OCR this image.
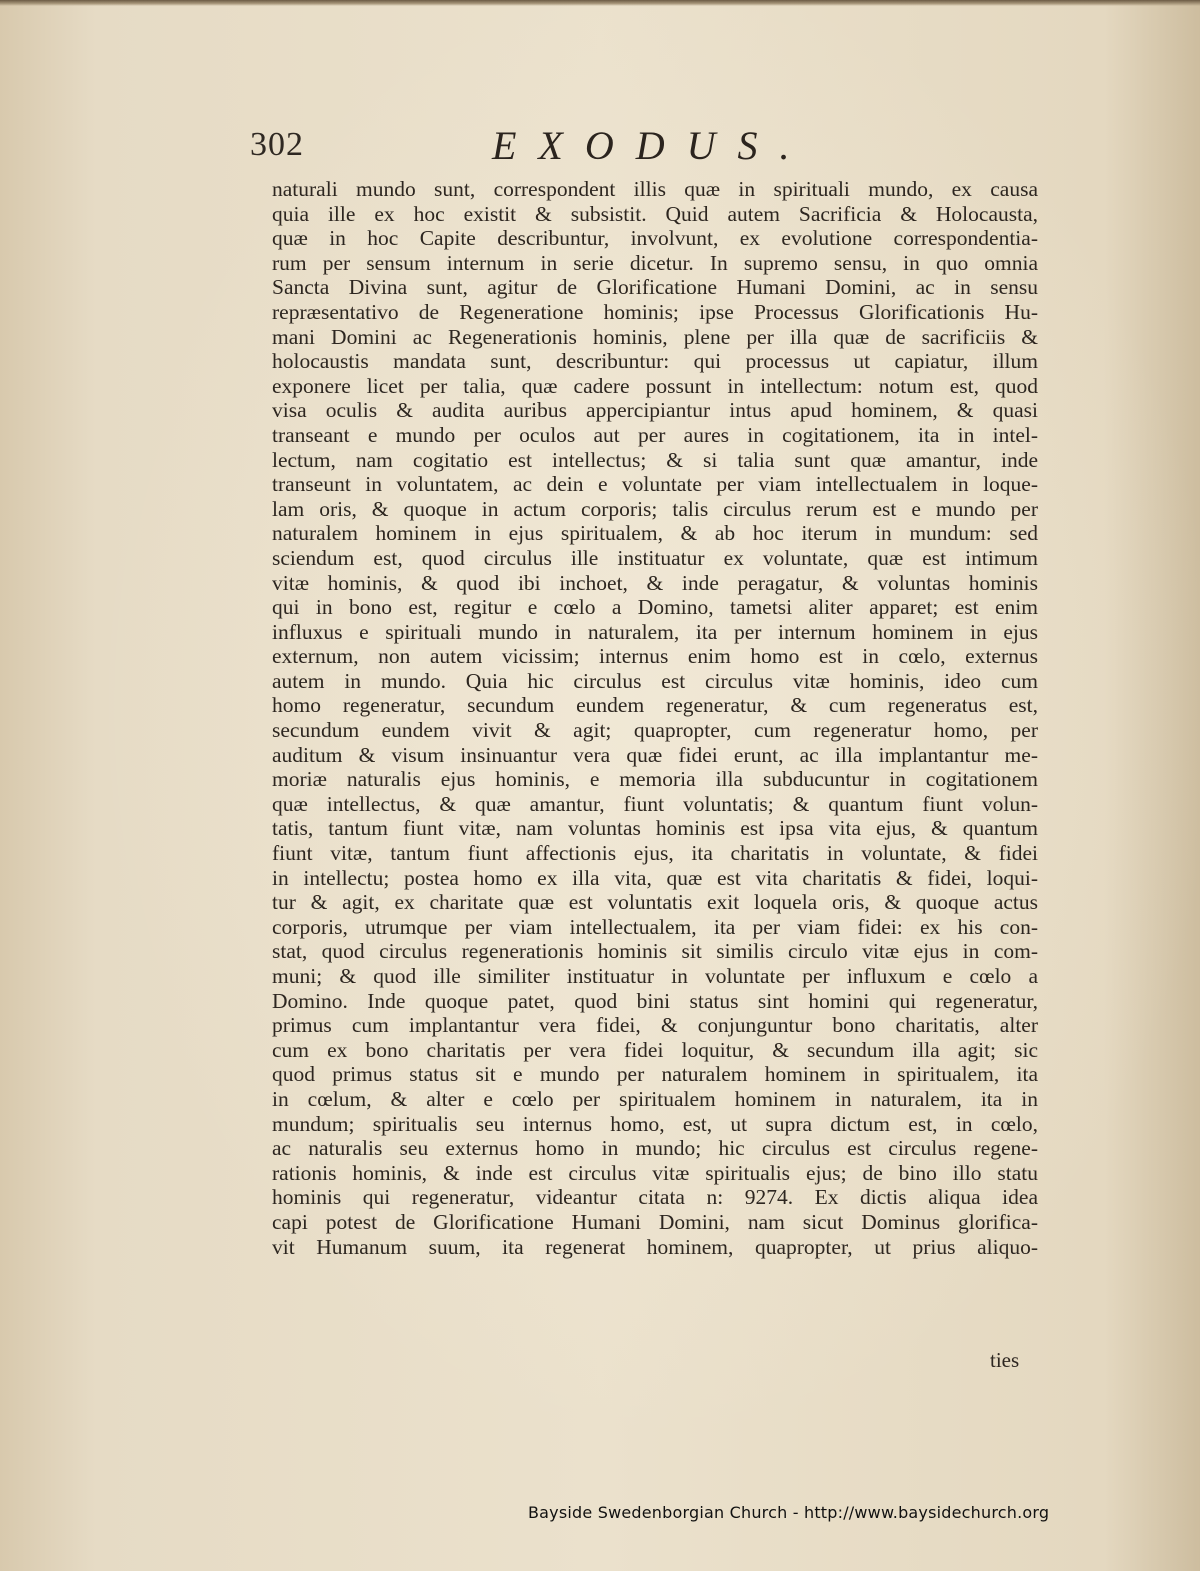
302	EXODUS.
naturali mundo sunt, correspondent illis quæ in spirituali mundo, ex causa
quia ille ex hoc existit & subsistit. Quid autem Sacrificia & Holocausta,
quæ in hoc Capite describuntur, involvunt, ex evolutione correspondentia-
rum per sensum internum in serie dicetur. In supremo sensu, in quo omnia
Sancta Divina sunt, agitur de Glorificatione Humani Domini, ac in sensu
repræsentativo de Regeneratione hominis; ipse Processus Glorificationis Hu-
mani Domini ac Regenerationis hominis, plene per illa quæ de sacrificiis &
holocaustis mandata sunt, describuntur: qui processus ut capiatur, illum
exponere licet per talia, quæ cadere possunt in intellectum: notum est, quod
visa oculis & audita auribus appercipiantur intus apud hominem, & quasi
transeant e mundo per oculos aut per aures in cogitationem, ita in intel-
lectum, nam cogitatio est intellectus; & si talia sunt quæ amantur, inde
transeunt in voluntatem, ac dein e voluntate per viam intellectualem in loque-
lam oris, & quoque in actum corporis; talis circulus rerum est e mundo per
naturalem hominem in ejus spiritualem, & ab hoc iterum in mundum: sed
sciendum est, quod circulus ille instituatur ex voluntate, quæ est intimum
vitæ hominis, & quod ibi inchoet, & inde peragatur, & voluntas hominis
qui in bono est, regitur e cœlo a Domino, tametsi aliter apparet; est enim
influxus e spirituali mundo in naturalem, ita per internum hominem in ejus
externum, non autem vicissim; internus enim homo est in cœlo, externus
autem in mundo. Quia hic circulus est circulus vitæ hominis, ideo cum
homo regeneratur, secundum eundem regeneratur, & cum regeneratus est,
secundum eundem vivit & agit; quapropter, cum regeneratur homo, per
auditum & visum insinuantur vera quæ fidei erunt, ac illa implantantur me-
moriæ naturalis ejus hominis, e memoria illa subducuntur in cogitationem
quæ intellectus, & quæ amantur, fiunt voluntatis; & quantum fiunt volun-
tatis, tantum fiunt vitæ, nam voluntas hominis est ipsa vita ejus, & quantum
fiunt vitæ, tantum fiunt affectionis ejus, ita charitatis in voluntate, & fidei
in intellectu; postea homo ex illa vita, quæ est vita charitatis & fidei, loqui-
tur & agit, ex charitate quæ est voluntatis exit loquela oris, & quoque actus
corporis, utrumque per viam intellectualem, ita per viam fidei: ex his con-
stat, quod circulus regenerationis hominis sit similis circulo vitæ ejus in com-
muni; & quod ille similiter instituatur in voluntate per influxum e cœlo a
Domino. Inde quoque patet, quod bini status sint homini qui regeneratur,
primus cum implantantur vera fidei, & conjunguntur bono charitatis, alter
cum ex bono charitatis per vera fidei loquitur, & secundum illa agit; sic
quod primus status sit e mundo per naturalem hominem in spiritualem, ita
in cœlum, & alter e cœlo per spiritualem hominem in naturalem, ita in
mundum; spiritualis seu internus homo, est, ut supra dictum est, in cœlo,
ac naturalis seu externus homo in mundo; hic circulus est circulus regene-
rationis hominis, & inde est circulus vitæ spiritualis ejus; de bino illo statu
hominis qui regeneratur, videantur citata n: 9274. Ex dictis aliqua idea
capi potest de Glorificatione Humani Domini, nam sicut Dominus glorifica-
vit Humanum suum, ita regenerat hominem, quapropter, ut prius aliquo-
ties
Bayside Swedenborgian Church - http://www.baysidechurch.org
